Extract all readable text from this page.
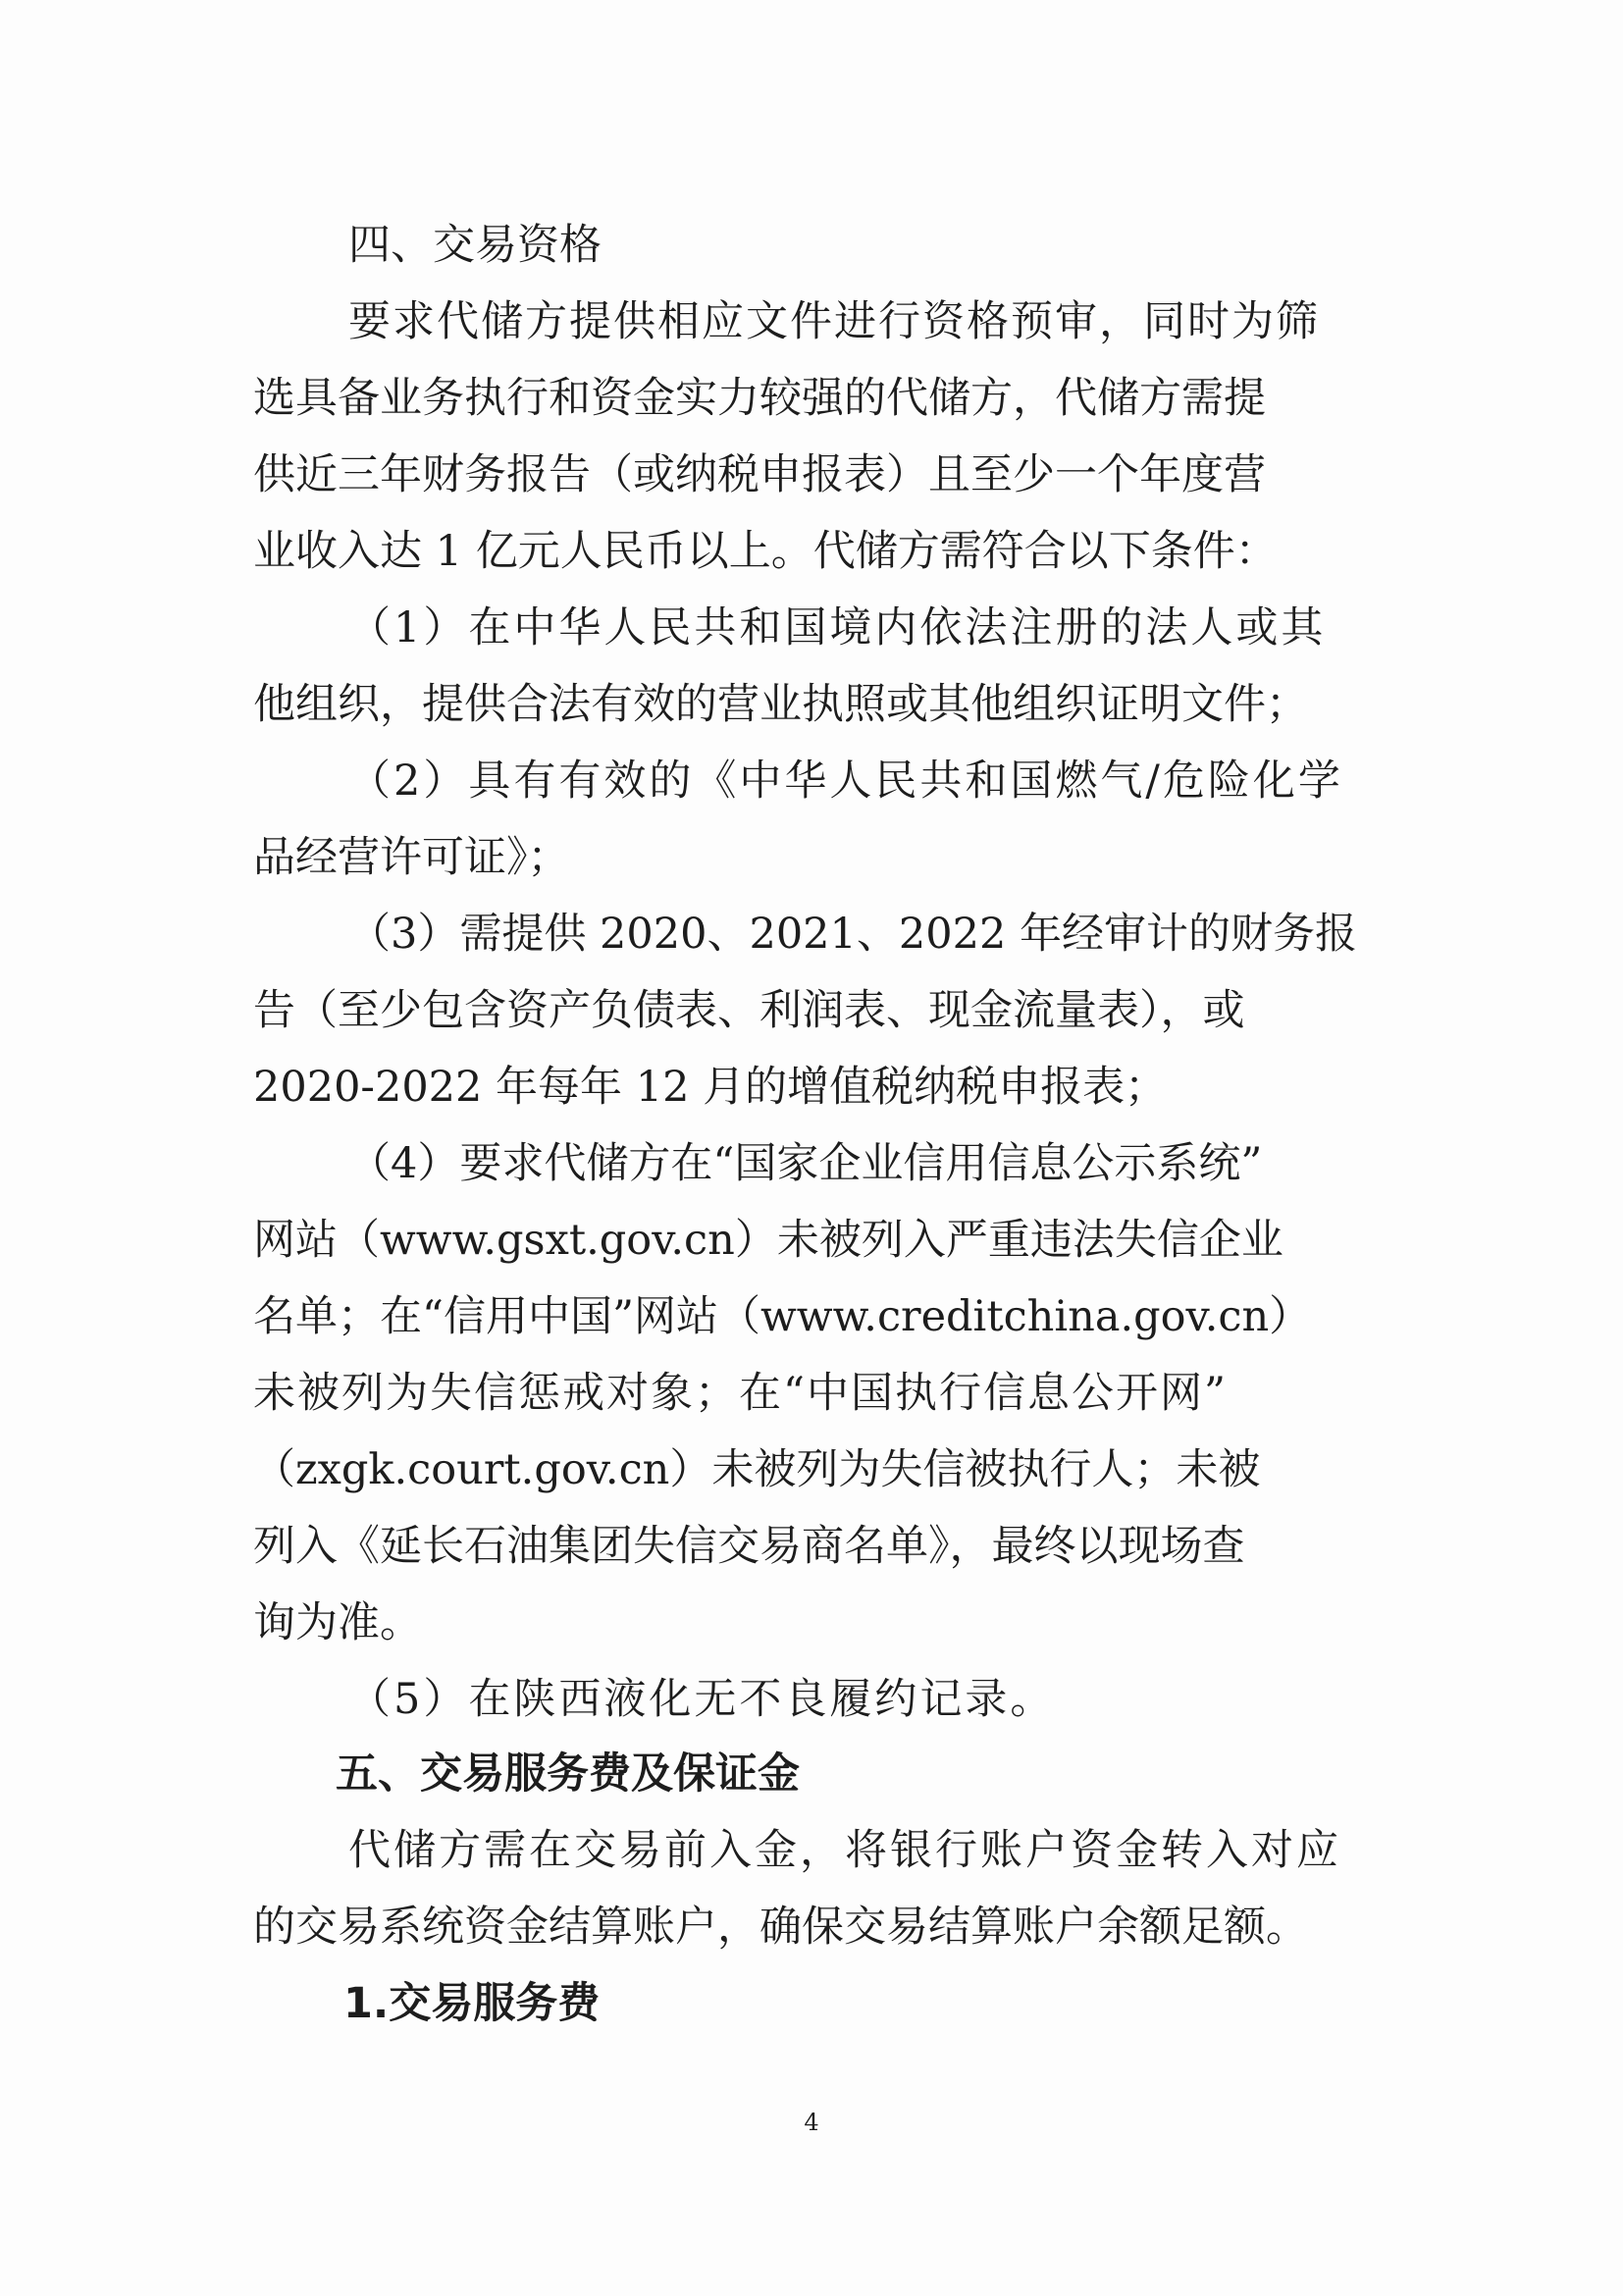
四、交易资格
要求代储方提供相应文件进行资格预审，同时为筛
选具备业务执行和资金实力较强的代储方，代储方需提
供近三年财务报告（或纳税申报表）且至少一个年度营
业收入达 1 亿元人民币以上。代储方需符合以下条件：
（1）在中华人民共和国境内依法注册的法人或其
他组织，提供合法有效的营业执照或其他组织证明文件；
（2）具有有效的《中华人民共和国燃气/危险化学
品经营许可证》；
（3）需提供 2020、2021、2022 年经审计的财务报
告（至少包含资产负债表、利润表、现金流量表），或
2020-2022 年每年 12 月的增值税纳税申报表；
（4）要求代储方在“国家企业信用信息公示系统”
网站（www.gsxt.gov.cn）未被列入严重违法失信企业
名单；在“信用中国”网站（www.creditchina.gov.cn）
未被列为失信惩戒对象；在“中国执行信息公开网”
（zxgk.court.gov.cn）未被列为失信被执行人；未被
列入《延长石油集团失信交易商名单》，最终以现场查
询为准。
（5）在陕西液化无不良履约记录。
五、交易服务费及保证金
代储方需在交易前入金，将银行账户资金转入对应
的交易系统资金结算账户，确保交易结算账户余额足额。
1.交易服务费
4
